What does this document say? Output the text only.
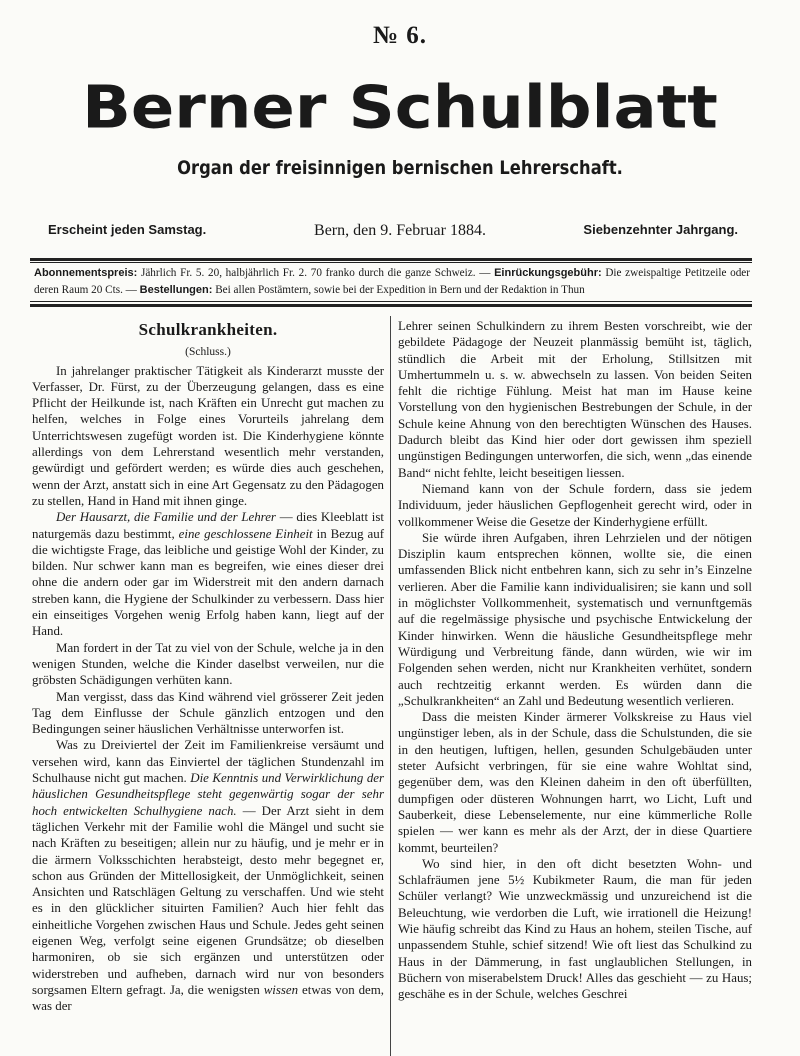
№ 6.
Berner Schulblatt
Organ der freisinnigen bernischen Lehrerschaft.
Erscheint jeden Samstag.	Bern, den 9. Februar 1884.	Siebenzehnter Jahrgang.
Abonnementspreis: Jährlich Fr. 5. 20, halbjährlich Fr. 2. 70 franko durch die ganze Schweiz. — Einrückungsgebühr: Die zweispaltige Petitzeile oder deren Raum 20 Cts. — Bestellungen: Bei allen Postämtern, sowie bei der Expedition in Bern und der Redaktion in Thun
Schulkrankheiten.
(Schluss.)

In jahrelanger praktischer Tätigkeit als Kinderarzt musste der Verfasser, Dr. Fürst, zu der Überzeugung gelangen, dass es eine Pflicht der Heilkunde ist, nach Kräften ein Unrecht gut machen zu helfen, welches in Folge eines Vorurteils jahrelang dem Unterrichtswesen zugefügt worden ist. Die Kinderhygiene könnte allerdings von dem Lehrerstand wesentlich mehr verstanden, gewürdigt und gefördert werden; es würde dies auch geschehen, wenn der Arzt, anstatt sich in eine Art Gegensatz zu den Pädagogen zu stellen, Hand in Hand mit ihnen ginge.

Der Hausarzt, die Familie und der Lehrer — dies Kleeblatt ist naturgemäs dazu bestimmt, eine geschlossene Einheit in Bezug auf die wichtigste Frage, das leibliche und geistige Wohl der Kinder, zu bilden. Nur schwer kann man es begreifen, wie eines dieser drei ohne die andern oder gar im Widerstreit mit den andern darnach streben kann, die Hygiene der Schulkinder zu verbessern. Dass hier ein einseitiges Vorgehen wenig Erfolg haben kann, liegt auf der Hand.

Man fordert in der Tat zu viel von der Schule, welche ja in den wenigen Stunden, welche die Kinder daselbst verweilen, nur die gröbsten Schädigungen verhüten kann.

Man vergisst, dass das Kind während viel grösserer Zeit jeden Tag dem Einflusse der Schule gänzlich entzogen und den Bedingungen seiner häuslichen Verhältnisse unterworfen ist.

Was zu Dreiviertel der Zeit im Familienkreise versäumt und versehen wird, kann das Einviertel der täglichen Stundenzahl im Schulhause nicht gut machen. Die Kenntnis und Verwirklichung der häuslichen Gesundheitspflege steht gegenwärtig sogar der sehr hoch entwickelten Schulhygiene nach. — Der Arzt sieht in dem täglichen Verkehr mit der Familie wohl die Mängel und sucht sie nach Kräften zu beseitigen; allein nur zu häufig, und je mehr er in die ärmern Volksschichten herabsteigt, desto mehr begegnet er, schon aus Gründen der Mittellosigkeit, der Unmöglichkeit, seinen Ansichten und Ratschlägen Geltung zu verschaffen. Und wie steht es in den glücklicher situirten Familien? Auch hier fehlt das einheitliche Vorgehen zwischen Haus und Schule. Jedes geht seinen eigenen Weg, verfolgt seine eigenen Grundsätze; ob dieselben harmoniren, ob sie sich ergänzen und unterstützen oder widerstreben und aufheben, darnach wird nur von besonders sorgsamen Eltern gefragt. Ja, die wenigsten wissen etwas von dem, was der

Lehrer seinen Schulkindern zu ihrem Besten vorschreibt, wie der gebildete Pädagoge der Neuzeit planmässig bemüht ist, täglich, stündlich die Arbeit mit der Erholung, Stillsitzen mit Umhertummeln u. s. w. abwechseln zu lassen. Von beiden Seiten fehlt die richtige Fühlung. Meist hat man im Hause keine Vorstellung von den hygienischen Bestrebungen der Schule, in der Schule keine Ahnung von den berechtigten Wünschen des Hauses. Dadurch bleibt das Kind hier oder dort gewissen ihm speziell ungünstigen Bedingungen unterworfen, die sich, wenn „das einende Band“ nicht fehlte, leicht beseitigen liessen.

Niemand kann von der Schule fordern, dass sie jedem Individuum, jeder häuslichen Gepflogenheit gerecht wird, oder in vollkommener Weise die Gesetze der Kinderhygiene erfüllt.

Sie würde ihren Aufgaben, ihren Lehrzielen und der nötigen Disziplin kaum entsprechen können, wollte sie, die einen umfassenden Blick nicht entbehren kann, sich zu sehr in’s Einzelne verlieren. Aber die Familie kann individualisiren; sie kann und soll in möglichster Vollkommenheit, systematisch und vernunftgemäs auf die regelmässige physische und psychische Entwickelung der Kinder hinwirken. Wenn die häusliche Gesundheitspflege mehr Würdigung und Verbreitung fände, dann würden, wie wir im Folgenden sehen werden, nicht nur Krankheiten verhütet, sondern auch rechtzeitig erkannt werden. Es würden dann die „Schulkrankheiten“ an Zahl und Bedeutung wesentlich verlieren.

Dass die meisten Kinder ärmerer Volkskreise zu Haus viel ungünstiger leben, als in der Schule, dass die Schulstunden, die sie in den heutigen, luftigen, hellen, gesunden Schulgebäuden unter steter Aufsicht verbringen, für sie eine wahre Wohltat sind, gegenüber dem, was den Kleinen daheim in den oft überfüllten, dumpfigen oder düsteren Wohnungen harrt, wo Licht, Luft und Sauberkeit, diese Lebenselemente, nur eine kümmerliche Rolle spielen — wer kann es mehr als der Arzt, der in diese Quartiere kommt, beurteilen?

Wo sind hier, in den oft dicht besetzten Wohn- und Schlafräumen jene 5½ Kubikmeter Raum, die man für jeden Schüler verlangt? Wie unzweckmässig und unzureichend ist die Beleuchtung, wie verdorben die Luft, wie irrationell die Heizung! Wie häufig schreibt das Kind zu Haus an hohem, steilen Tische, auf unpassendem Stuhle, schief sitzend! Wie oft liest das Schulkind zu Haus in der Dämmerung, in fast unglaublichen Stellungen, in Büchern von miserabelstem Druck! Alles das geschieht — zu Haus; geschähe es in der Schule, welches Geschrei
